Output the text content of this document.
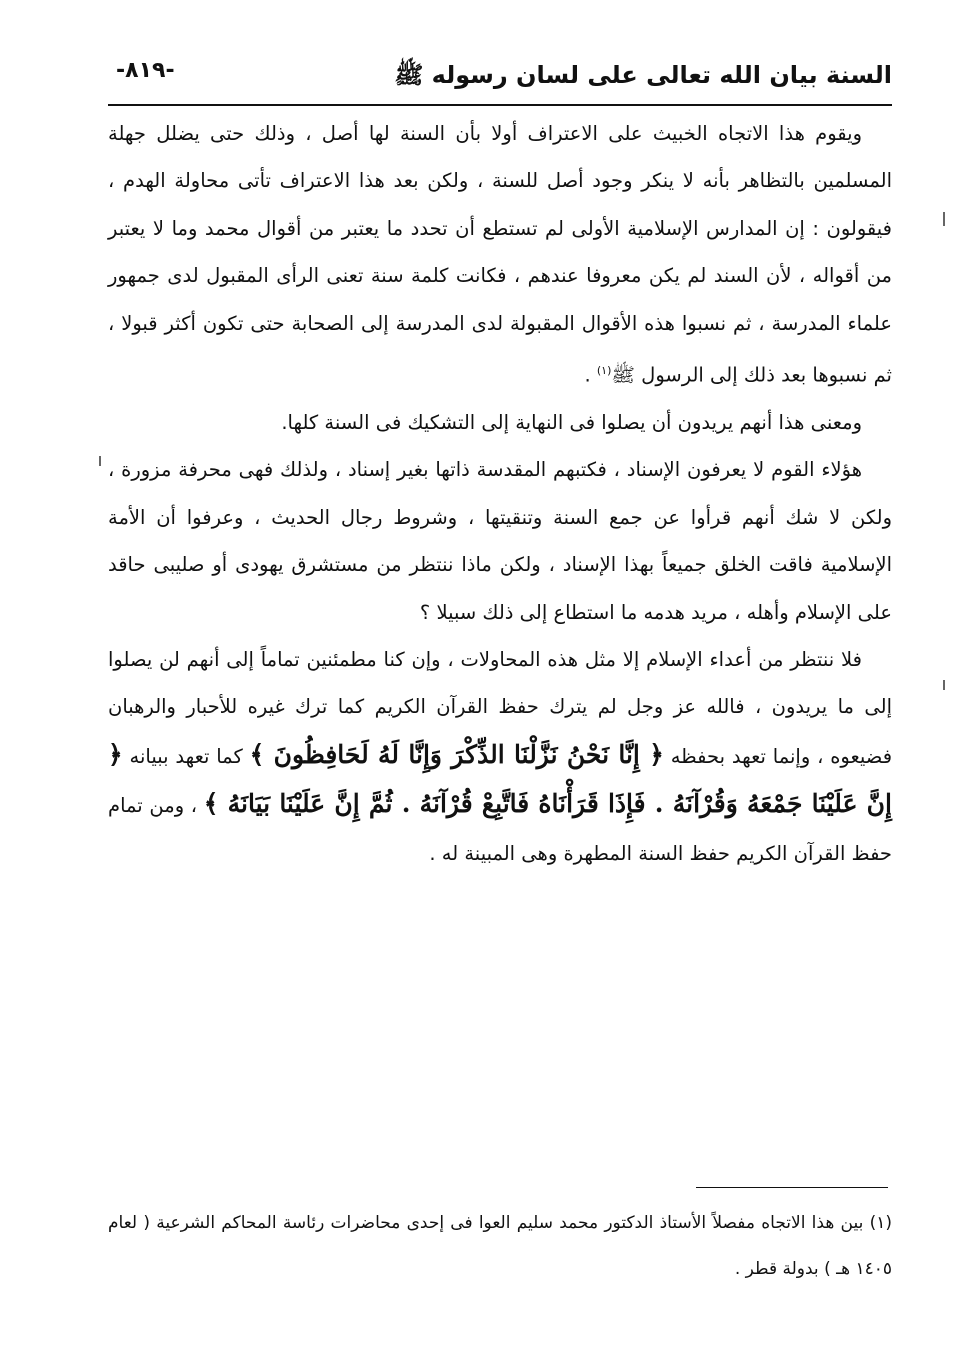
السنة بيان الله تعالى على لسان رسوله ﷺ
-٨١٩-

ويقوم هذا الاتجاه الخبيث على الاعتراف أولا بأن السنة لها أصل ، وذلك حتى يضلل جهلة المسلمين بالتظاهر بأنه لا ينكر وجود أصل للسنة ، ولكن بعد هذا الاعتراف تأتى محاولة الهدم ، فيقولون : إن المدارس الإسلامية الأولى لم تستطع أن تحدد ما يعتبر من أقوال محمد وما لا يعتبر من أقواله ، لأن السند لم يكن معروفا عندهم ، فكانت كلمة سنة تعنى الرأى المقبول لدى جمهور علماء المدرسة ، ثم نسبوا هذه الأقوال المقبولة لدى المدرسة إلى الصحابة حتى تكون أكثر قبولا ، ثم نسبوها بعد ذلك إلى الرسول ﷺ$^{(١)}$ .

ومعنى هذا أنهم يريدون أن يصلوا فى النهاية إلى التشكيك فى السنة كلها.

هؤلاء القوم لا يعرفون الإسناد ، فكتبهم المقدسة ذاتها بغير إسناد ، ولذلك فهى محرفة مزورة ، ولكن لا شك أنهم قرأوا عن جمع السنة وتنقيتها ، وشروط رجال الحديث ، وعرفوا أن الأمة الإسلامية فاقت الخلق جميعاً بهذا الإسناد ، ولكن ماذا ننتظر من مستشرق يهودى أو صليبى حاقد على الإسلام وأهله ، مريد هدمه ما استطاع إلى ذلك سبيلا ؟

فلا ننتظر من أعداء الإسلام إلا مثل هذه المحاولات ، وإن كنا مطمئنين تماماً إلى أنهم لن يصلوا إلى ما يريدون ، فالله عز وجل لم يترك حفظ القرآن الكريم كما ترك غيره للأحبار والرهبان فضيعوه ، وإنما تعهد بحفظه ﴿ إِنَّا نَحْنُ نَزَّلْنَا الذِّكْرَ وَإِنَّا لَهُ لَحَافِظُونَ ﴾ كما تعهد ببيانه ﴿ إِنَّ عَلَيْنَا جَمْعَهُ وَقُرْآنَهُ . فَإِذَا قَرَأْنَاهُ فَاتَّبِعْ قُرْآنَهُ . ثُمَّ إِنَّ عَلَيْنَا بَيَانَهُ ﴾ ، ومن تمام حفظ القرآن الكريم حفظ السنة المطهرة وهى المبينة له .

(١) بين هذا الاتجاه مفصلاً الأستاذ الدكتور محمد سليم العوا فى إحدى محاضرات رئاسة المحاكم الشرعية ( لعام ١٤٠٥ هـ ) بدولة قطر .
